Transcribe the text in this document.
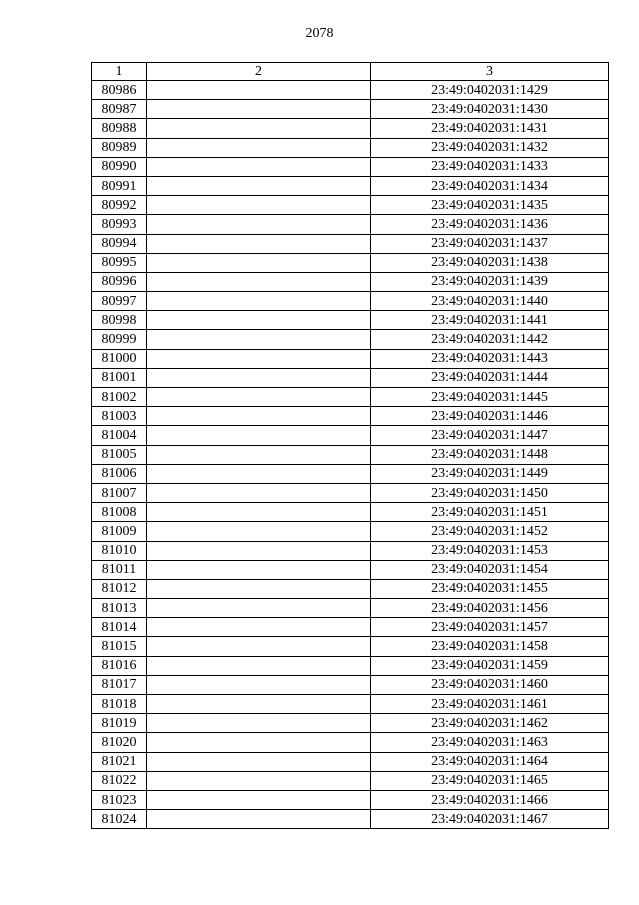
2078
1	2	3
80986		23:49:0402031:1429
80987		23:49:0402031:1430
80988		23:49:0402031:1431
80989		23:49:0402031:1432
80990		23:49:0402031:1433
80991		23:49:0402031:1434
80992		23:49:0402031:1435
80993		23:49:0402031:1436
80994		23:49:0402031:1437
80995		23:49:0402031:1438
80996		23:49:0402031:1439
80997		23:49:0402031:1440
80998		23:49:0402031:1441
80999		23:49:0402031:1442
81000		23:49:0402031:1443
81001		23:49:0402031:1444
81002		23:49:0402031:1445
81003		23:49:0402031:1446
81004		23:49:0402031:1447
81005		23:49:0402031:1448
81006		23:49:0402031:1449
81007		23:49:0402031:1450
81008		23:49:0402031:1451
81009		23:49:0402031:1452
81010		23:49:0402031:1453
81011		23:49:0402031:1454
81012		23:49:0402031:1455
81013		23:49:0402031:1456
81014		23:49:0402031:1457
81015		23:49:0402031:1458
81016		23:49:0402031:1459
81017		23:49:0402031:1460
81018		23:49:0402031:1461
81019		23:49:0402031:1462
81020		23:49:0402031:1463
81021		23:49:0402031:1464
81022		23:49:0402031:1465
81023		23:49:0402031:1466
81024		23:49:0402031:1467
